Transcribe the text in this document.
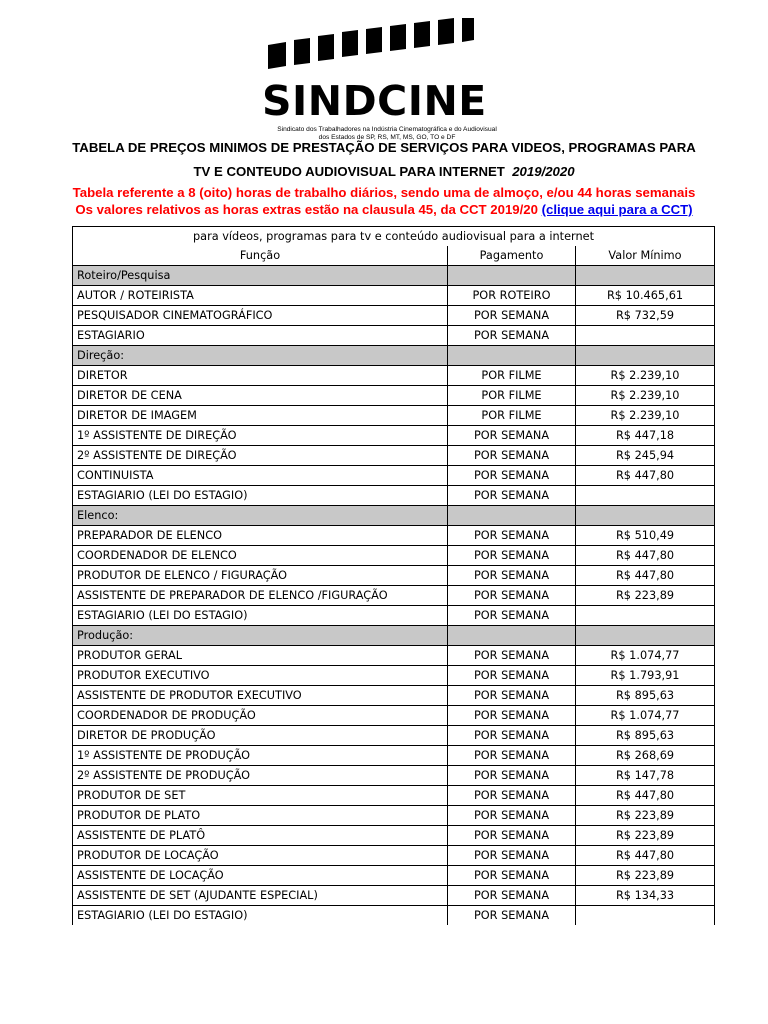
SINDCINE
Sindicato dos Trabalhadores na Indústria Cinematográfica e do Audiovisual
dos Estados de SP, RS, MT, MS, GO, TO e DF
TABELA DE PREÇOS MINIMOS DE PRESTAÇÃO DE SERVIÇOS PARA VIDEOS, PROGRAMAS PARA
TV E CONTEUDO AUDIOVISUAL PARA INTERNET 2019/2020
Tabela referente a 8 (oito) horas de trabalho diários, sendo uma de almoço, e/ou 44 horas semanais
Os valores relativos as horas extras estão na clausula 45, da CCT 2019/20 (clique aqui para a CCT)
para vídeos, programas para tv e conteúdo audiovisual para a internet		
Função	Pagamento	Valor Mínimo
Roteiro/Pesquisa		
AUTOR / ROTEIRISTA	POR ROTEIRO	R$ 10.465,61
PESQUISADOR CINEMATOGRÁFICO	POR SEMANA	R$ 732,59
ESTAGIARIO	POR SEMANA	
Direção:		
DIRETOR	POR FILME	R$ 2.239,10
DIRETOR DE CENA	POR FILME	R$ 2.239,10
DIRETOR DE IMAGEM	POR FILME	R$ 2.239,10
1º ASSISTENTE DE DIREÇÃO	POR SEMANA	R$ 447,18
2º ASSISTENTE DE DIREÇÃO	POR SEMANA	R$ 245,94
CONTINUISTA	POR SEMANA	R$ 447,80
ESTAGIARIO (LEI DO ESTAGIO)	POR SEMANA	
Elenco:		
PREPARADOR DE ELENCO	POR SEMANA	R$ 510,49
COORDENADOR DE ELENCO	POR SEMANA	R$ 447,80
PRODUTOR DE ELENCO / FIGURAÇÃO	POR SEMANA	R$ 447,80
ASSISTENTE DE PREPARADOR DE ELENCO /FIGURAÇÃO	POR SEMANA	R$ 223,89
ESTAGIARIO (LEI DO ESTAGIO)	POR SEMANA	
Produção:		
PRODUTOR GERAL	POR SEMANA	R$ 1.074,77
PRODUTOR EXECUTIVO	POR SEMANA	R$ 1.793,91
ASSISTENTE DE PRODUTOR EXECUTIVO	POR SEMANA	R$ 895,63
COORDENADOR DE PRODUÇÃO	POR SEMANA	R$ 1.074,77
DIRETOR DE PRODUÇÃO	POR SEMANA	R$ 895,63
1º ASSISTENTE DE PRODUÇÃO	POR SEMANA	R$ 268,69
2º ASSISTENTE DE PRODUÇÃO	POR SEMANA	R$ 147,78
PRODUTOR DE SET	POR SEMANA	R$ 447,80
PRODUTOR DE PLATO	POR SEMANA	R$ 223,89
ASSISTENTE DE PLATÔ	POR SEMANA	R$ 223,89
PRODUTOR DE LOCAÇÃO	POR SEMANA	R$ 447,80
ASSISTENTE DE LOCAÇÃO	POR SEMANA	R$ 223,89
ASSISTENTE DE SET (AJUDANTE ESPECIAL)	POR SEMANA	R$ 134,33
ESTAGIARIO (LEI DO ESTAGIO)	POR SEMANA	
